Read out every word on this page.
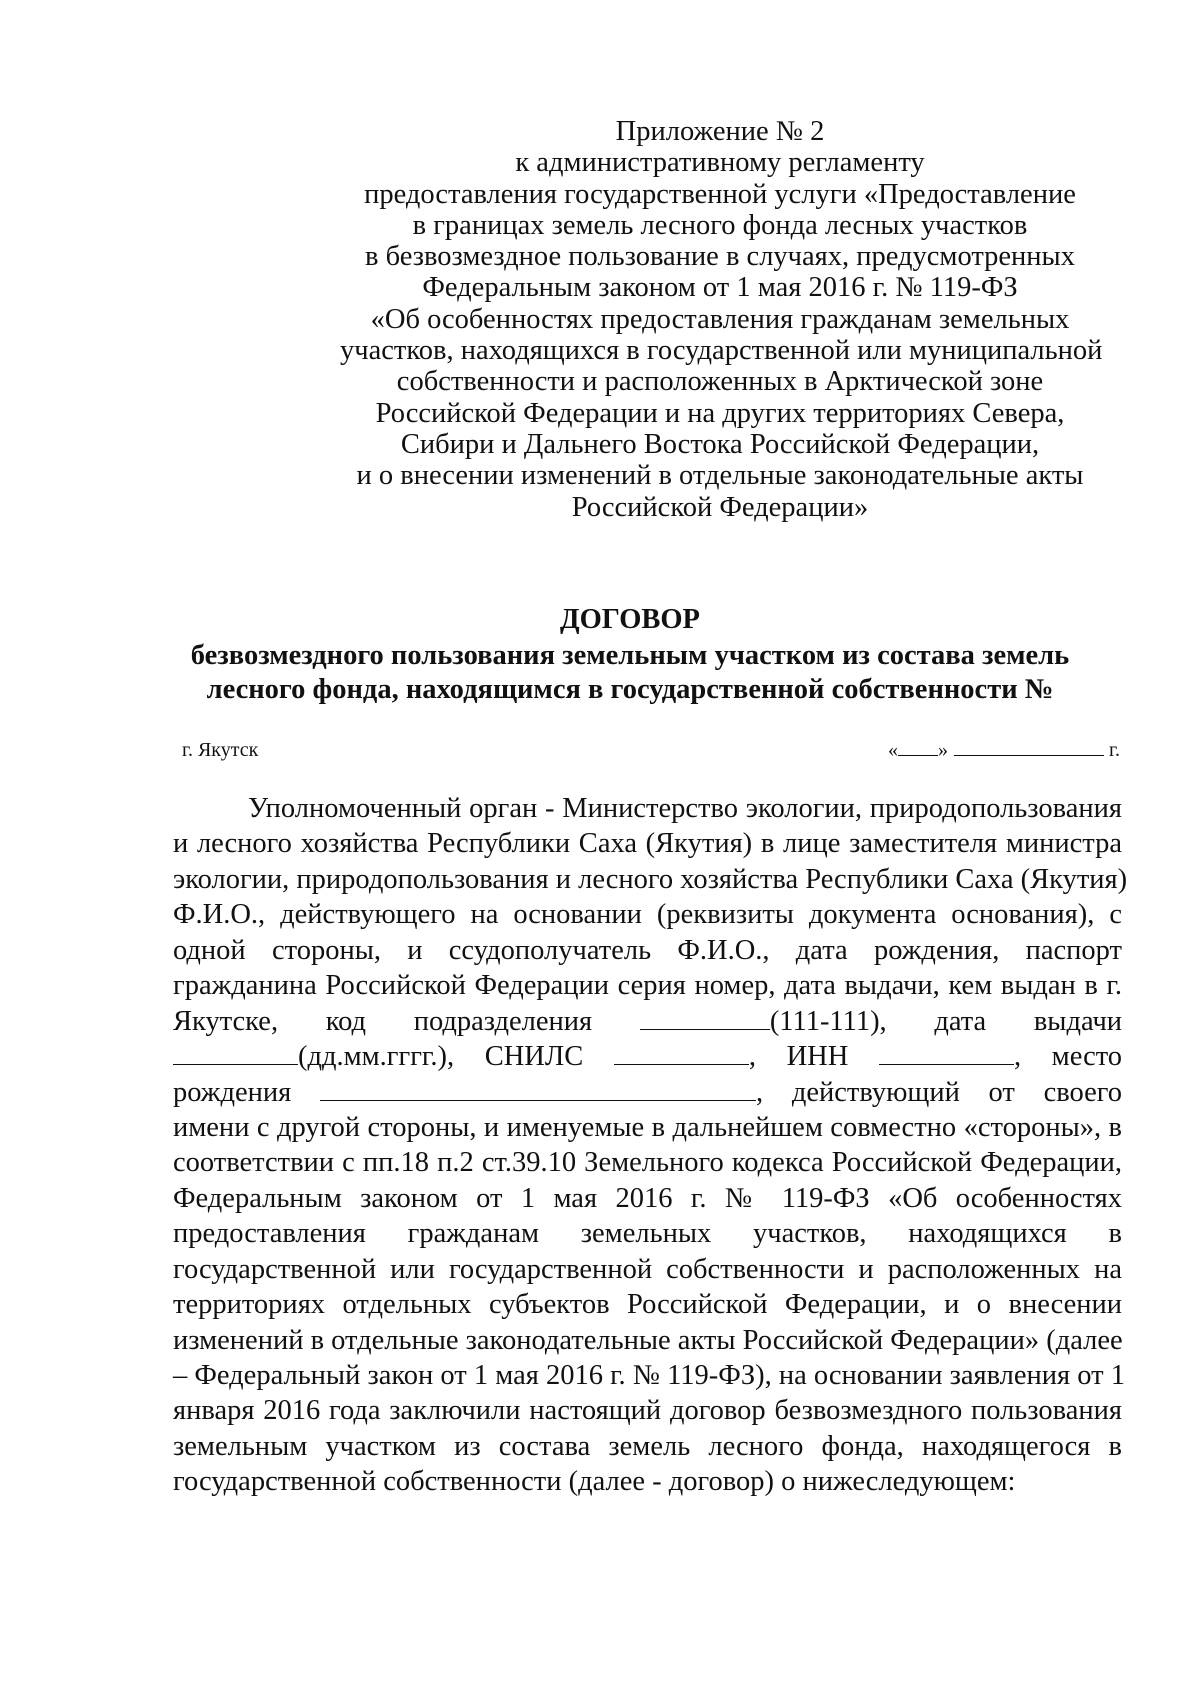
Приложение № 2
к административному регламенту
предоставления государственной услуги «Предоставление
в границах земель лесного фонда лесных участков
в безвозмездное пользование в случаях, предусмотренных
Федеральным законом от 1 мая 2016 г. № 119-ФЗ
«Об особенностях предоставления гражданам земельных
участков, находящихся в государственной или муниципальной
собственности и расположенных в Арктической зоне
Российской Федерации и на других территориях Севера,
Сибири и Дальнего Востока Российской Федерации,
и о внесении изменений в отдельные законодательные акты
Российской Федерации»
ДОГОВОР
безвозмездного пользования земельным участком из состава земель
лесного фонда, находящимся в государственной собственности №
г. Якутск	« »	г.
Уполномоченный орган - Министерство экологии, природопользования
и лесного хозяйства Республики Саха (Якутия) в лице заместителя министра
экологии, природопользования и лесного хозяйства Республики Саха (Якутия)
Ф.И.О., действующего на основании (реквизиты документа основания), с
одной стороны, и ссудополучатель Ф.И.О., дата рождения, паспорт
гражданина Российской Федерации серия номер, дата выдачи, кем выдан в г.
Якутске, код подразделения	(111-111), дата выдачи
(дд.мм.гггг.), СНИЛС	, ИНН	, место
рождения	, действующий от своего
имени с другой стороны, и именуемые в дальнейшем совместно «стороны», в
соответствии с пп.18 п.2 ст.39.10 Земельного кодекса Российской Федерации,
Федеральным законом от 1 мая 2016 г. № 119-ФЗ «Об особенностях
предоставления гражданам земельных участков, находящихся в
государственной или государственной собственности и расположенных на
территориях отдельных субъектов Российской Федерации, и о внесении
изменений в отдельные законодательные акты Российской Федерации» (далее
– Федеральный закон от 1 мая 2016 г. № 119-ФЗ), на основании заявления от 1
января 2016 года заключили настоящий договор безвозмездного пользования
земельным участком из состава земель лесного фонда, находящегося в
государственной собственности (далее - договор) о нижеследующем:
